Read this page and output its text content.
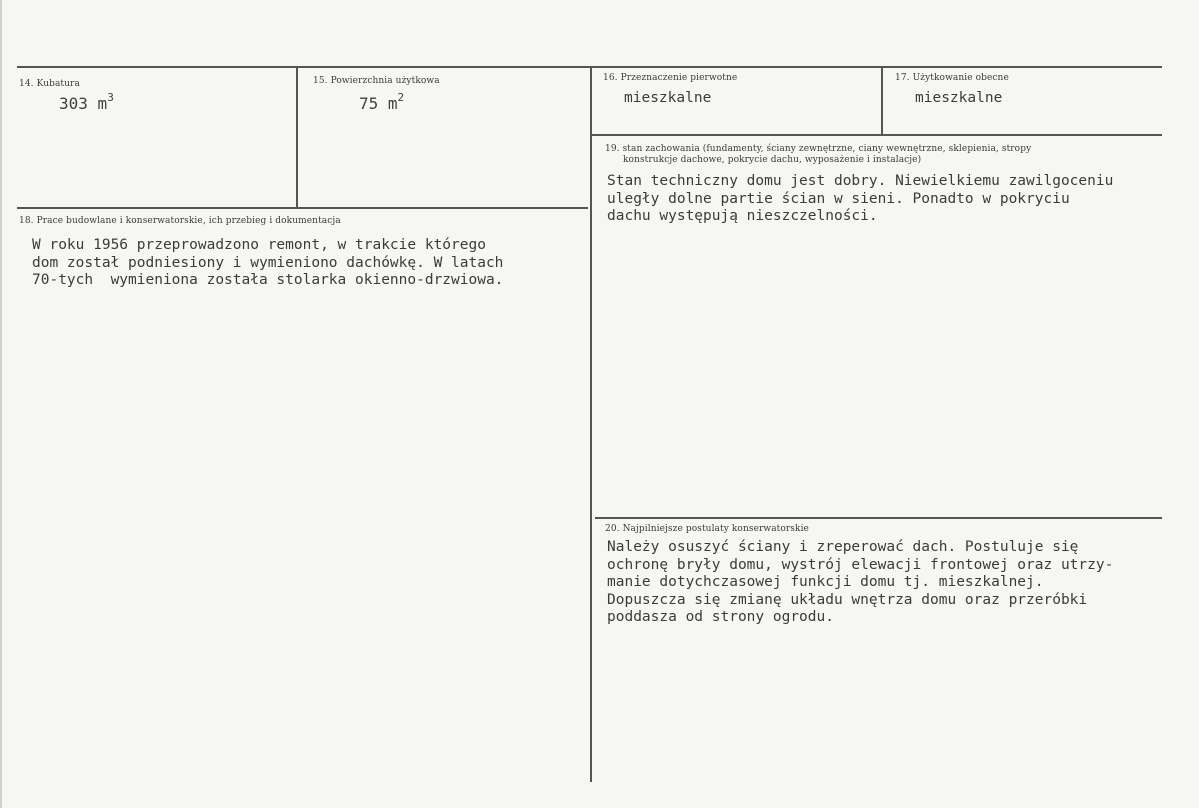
14. Kubatura
303 $m^3$
15. Powierzchnia użytkowa
75 $m^2$
16. Przeznaczenie pierwotne
mieszkalne
17. Użytkowanie obecne
mieszkalne
18. Prace budowlane i konserwatorskie, ich przebieg i dokumentacja
W roku 1956 przeprowadzono remont, w trakcie którego
dom został podniesiony i wymieniono dachówkę. W latach
70-tych  wymieniona została stolarka okienno-drzwiowa.
19. stan zachowania (fundamenty, ściany zewnętrzne, ciany wewnętrzne, sklepienia, stropy
konstrukcje dachowe, pokrycie dachu, wyposażenie i instalacje)
Stan techniczny domu jest dobry. Niewielkiemu zawilgoceniu
uległy dolne partie ścian w sieni. Ponadto w pokryciu
dachu występują nieszczelności.
20. Najpilniejsze postulaty konserwatorskie
Należy osuszyć ściany i zreperować dach. Postuluje się
ochronę bryły domu, wystrój elewacji frontowej oraz utrzy-
manie dotychczasowej funkcji domu tj. mieszkalnej.
Dopuszcza się zmianę układu wnętrza domu oraz przeróbki
poddasza od strony ogrodu.
